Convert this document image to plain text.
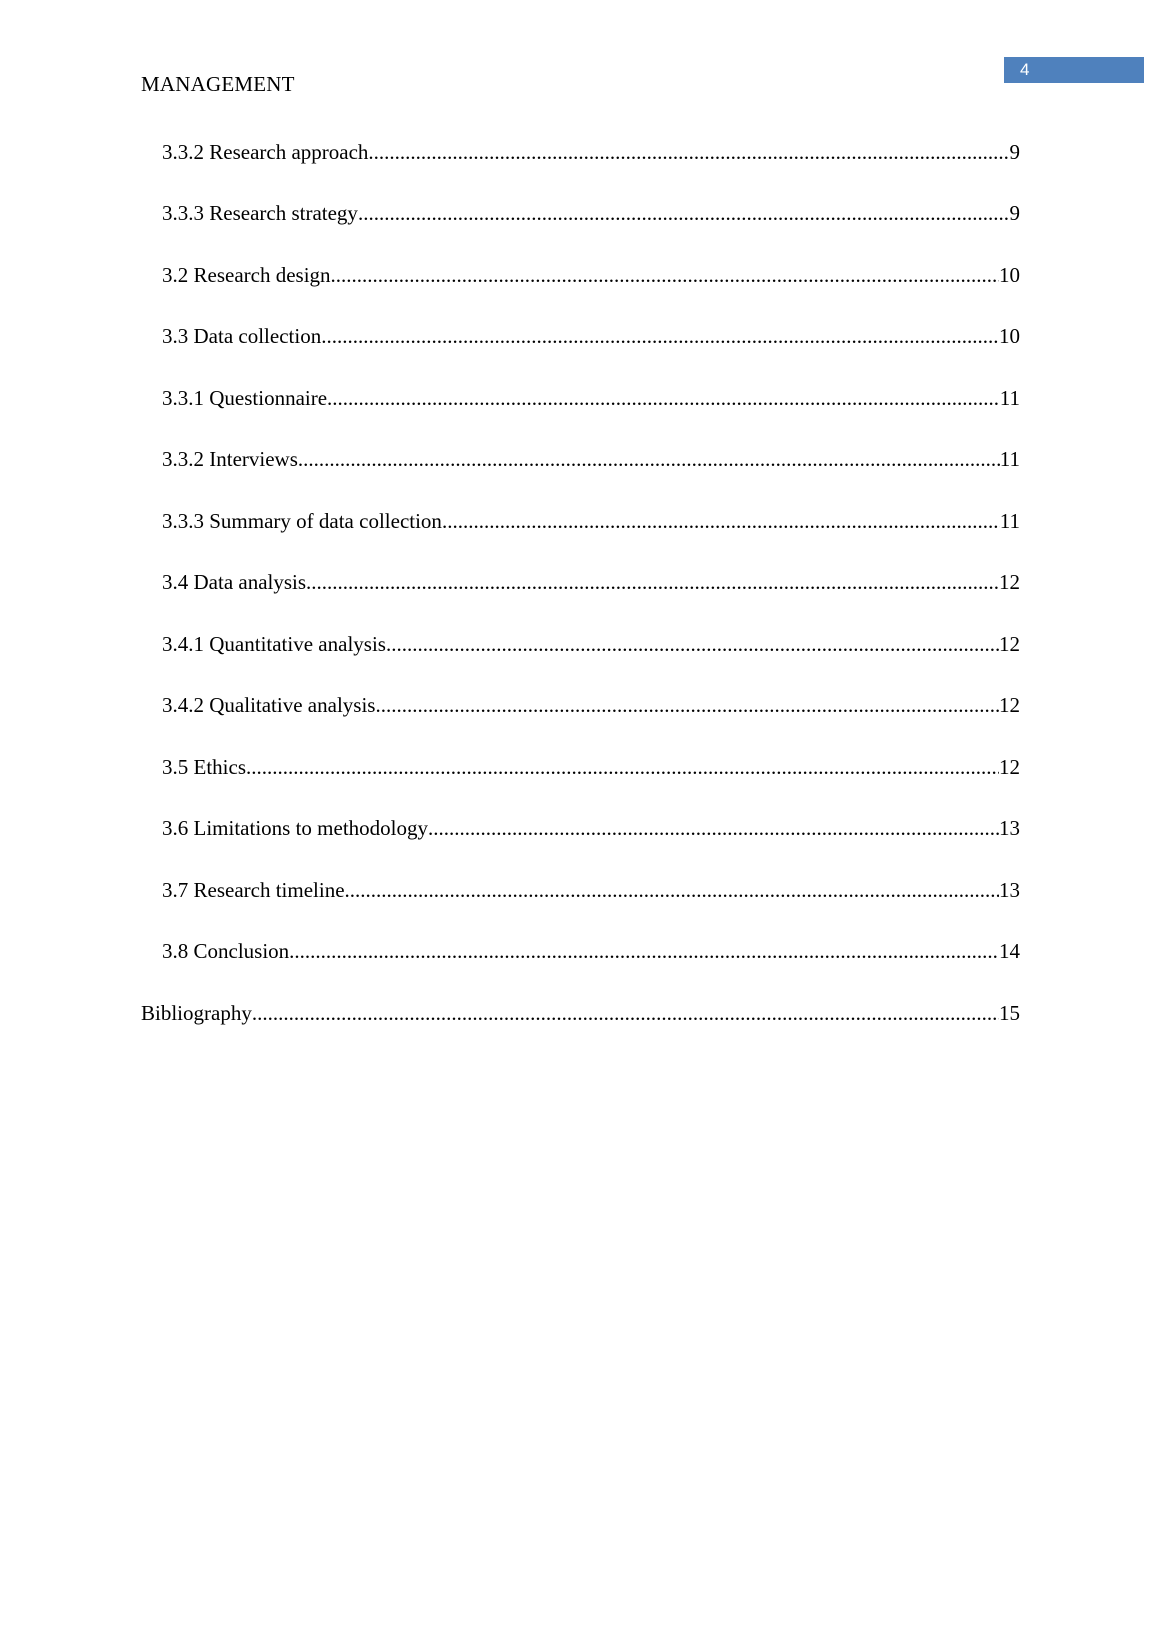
4
MANAGEMENT
3.3.2 Research approach .....	9
3.3.3 Research strategy .....	9
3.2 Research design .....	10
3.3 Data collection .....	10
3.3.1 Questionnaire .....	11
3.3.2 Interviews .....	11
3.3.3 Summary of data collection .....	11
3.4 Data analysis .....	12
3.4.1 Quantitative analysis .....	12
3.4.2 Qualitative analysis .....	12
3.5 Ethics .....	12
3.6 Limitations to methodology .....	13
3.7 Research timeline .....	13
3.8 Conclusion .....	14
Bibliography .....	15
